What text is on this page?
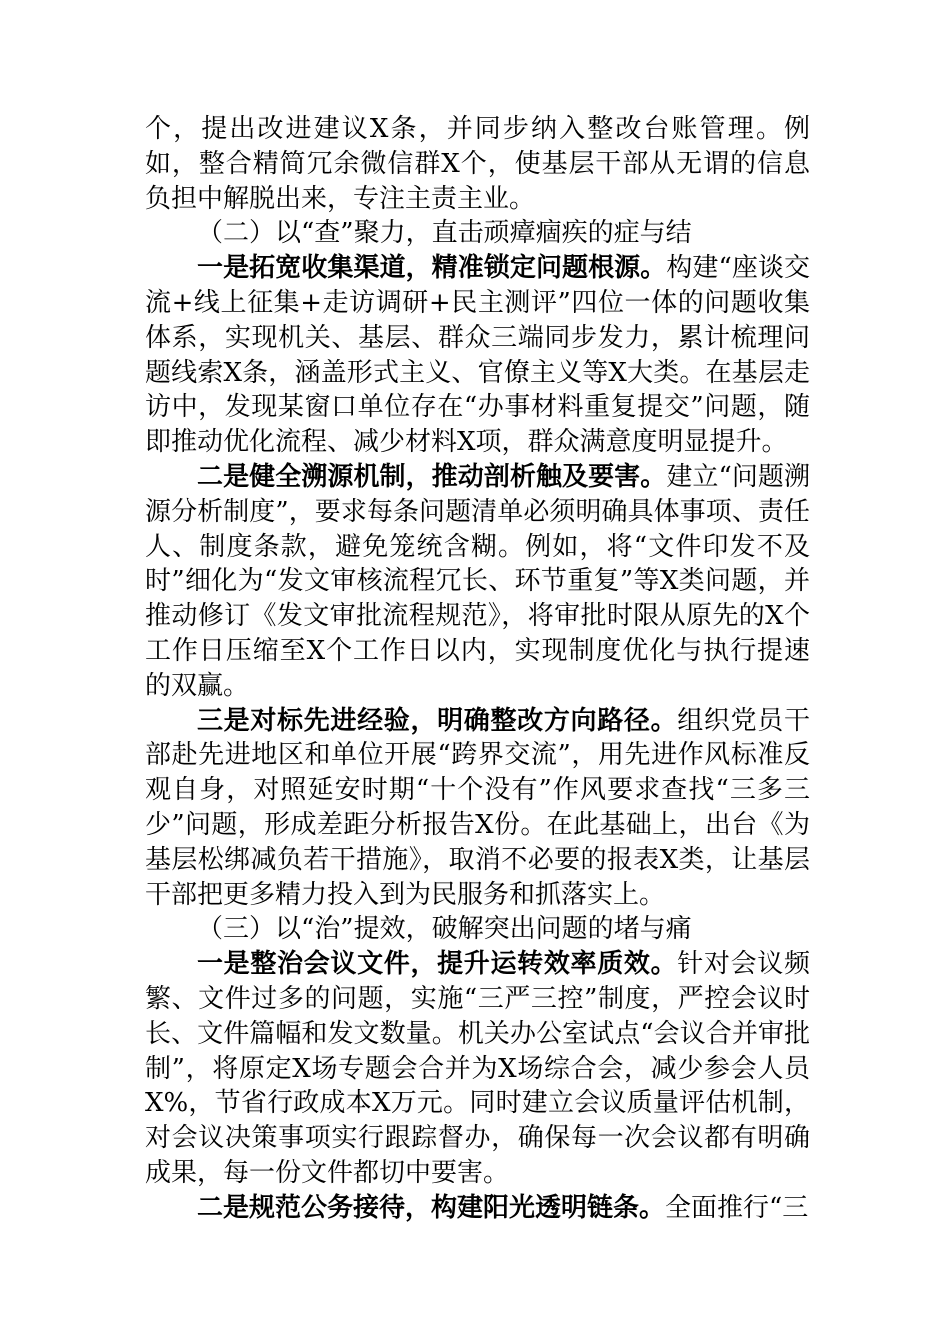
个，提出改进建议X条，并同步纳入整改台账管理。例如，整合精简冗余微信群X个，使基层干部从无谓的信息负担中解脱出来，专注主责主业。

（二）以“查”聚力，直击顽瘴痼疾的症与结

一是拓宽收集渠道，精准锁定问题根源。构建“座谈交流+线上征集+走访调研+民主测评”四位一体的问题收集体系，实现机关、基层、群众三端同步发力，累计梳理问题线索X条，涵盖形式主义、官僚主义等X大类。在基层走访中，发现某窗口单位存在“办事材料重复提交”问题，随即推动优化流程、减少材料X项，群众满意度明显提升。

二是健全溯源机制，推动剖析触及要害。建立“问题溯源分析制度”，要求每条问题清单必须明确具体事项、责任人、制度条款，避免笼统含糊。例如，将“文件印发不及时”细化为“发文审核流程冗长、环节重复”等X类问题，并推动修订《发文审批流程规范》，将审批时限从原先的X个工作日压缩至X个工作日以内，实现制度优化与执行提速的双赢。

三是对标先进经验，明确整改方向路径。组织党员干部赴先进地区和单位开展“跨界交流”，用先进作风标准反观自身，对照延安时期“十个没有”作风要求查找“三多三少”问题，形成差距分析报告X份。在此基础上，出台《为基层松绑减负若干措施》，取消不必要的报表X类，让基层干部把更多精力投入到为民服务和抓落实上。

（三）以“治”提效，破解突出问题的堵与痛

一是整治会议文件，提升运转效率质效。针对会议频繁、文件过多的问题，实施“三严三控”制度，严控会议时长、文件篇幅和发文数量。机关办公室试点“会议合并审批制”，将原定X场专题会合并为X场综合会，减少参会人员X%，节省行政成本X万元。同时建立会议质量评估机制，对会议决策事项实行跟踪督办，确保每一次会议都有明确成果，每一份文件都切中要害。

二是规范公务接待，构建阳光透明链条。全面推行“三
